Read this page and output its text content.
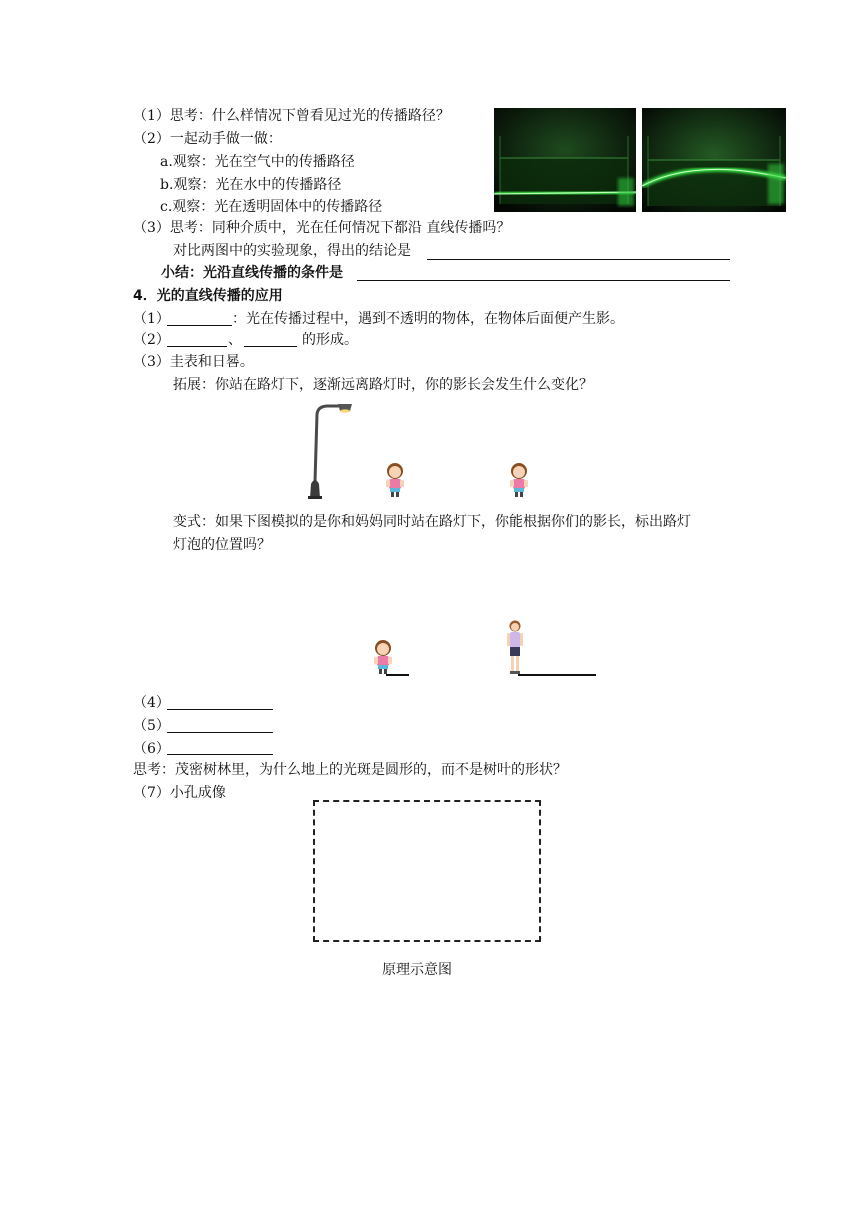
（1）思考：什么样情况下曾看见过光的传播路径？
（2）一起动手做一做：
a.观察：光在空气中的传播路径
b.观察：光在水中的传播路径
c.观察：光在透明固体中的传播路径
（3）思考：同种介质中，光在任何情况下都沿 直线传播吗？
对比两图中的实验现象，得出的结论是
小结：光沿直线传播的条件是
4．光的直线传播的应用
（1）	：光在传播过程中，遇到不透明的物体，在物体后面便产生影。
（2）	、	的形成。
（3）圭表和日晷。
拓展：你站在路灯下，逐渐远离路灯时，你的影长会发生什么变化？
变式：如果下图模拟的是你和妈妈同时站在路灯下，你能根据你们的影长，标出路灯
灯泡的位置吗？
（4）
（5）
（6）
思考：茂密树林里，为什么地上的光斑是圆形的，而不是树叶的形状？
（7）小孔成像
原理示意图
